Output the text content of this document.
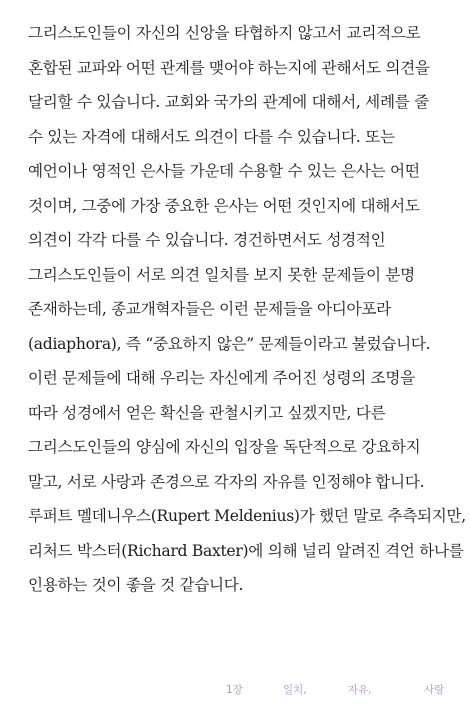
그리스도인들이 자신의 신앙을 타협하지 않고서 교리적으로
혼합된 교파와 어떤 관계를 맺어야 하는지에 관해서도 의견을
달리할 수 있습니다. 교회와 국가의 관계에 대해서, 세례를 줄
수 있는 자격에 대해서도 의견이 다를 수 있습니다. 또는
예언이나 영적인 은사들 가운데 수용할 수 있는 은사는 어떤
것이며, 그중에 가장 중요한 은사는 어떤 것인지에 대해서도
의견이 각각 다를 수 있습니다. 경건하면서도 성경적인
그리스도인들이 서로 의견 일치를 보지 못한 문제들이 분명
존재하는데, 종교개혁자들은 이런 문제들을 아디아포라
(adiaphora), 즉 “중요하지 않은” 문제들이라고 불렀습니다.
이런 문제들에 대해 우리는 자신에게 주어진 성령의 조명을
따라 성경에서 얻은 확신을 관철시키고 싶겠지만, 다른
그리스도인들의 양심에 자신의 입장을 독단적으로 강요하지
말고, 서로 사랑과 존경으로 각자의 자유를 인정해야 합니다.
루퍼트 멜데니우스(Rupert Meldenius)가 했던 말로 추측되지만,
리처드 박스터(Richard Baxter)에 의해 널리 알려진 격언 하나를
인용하는 것이 좋을 것 같습니다.
1장	일치,	자유,	사랑
